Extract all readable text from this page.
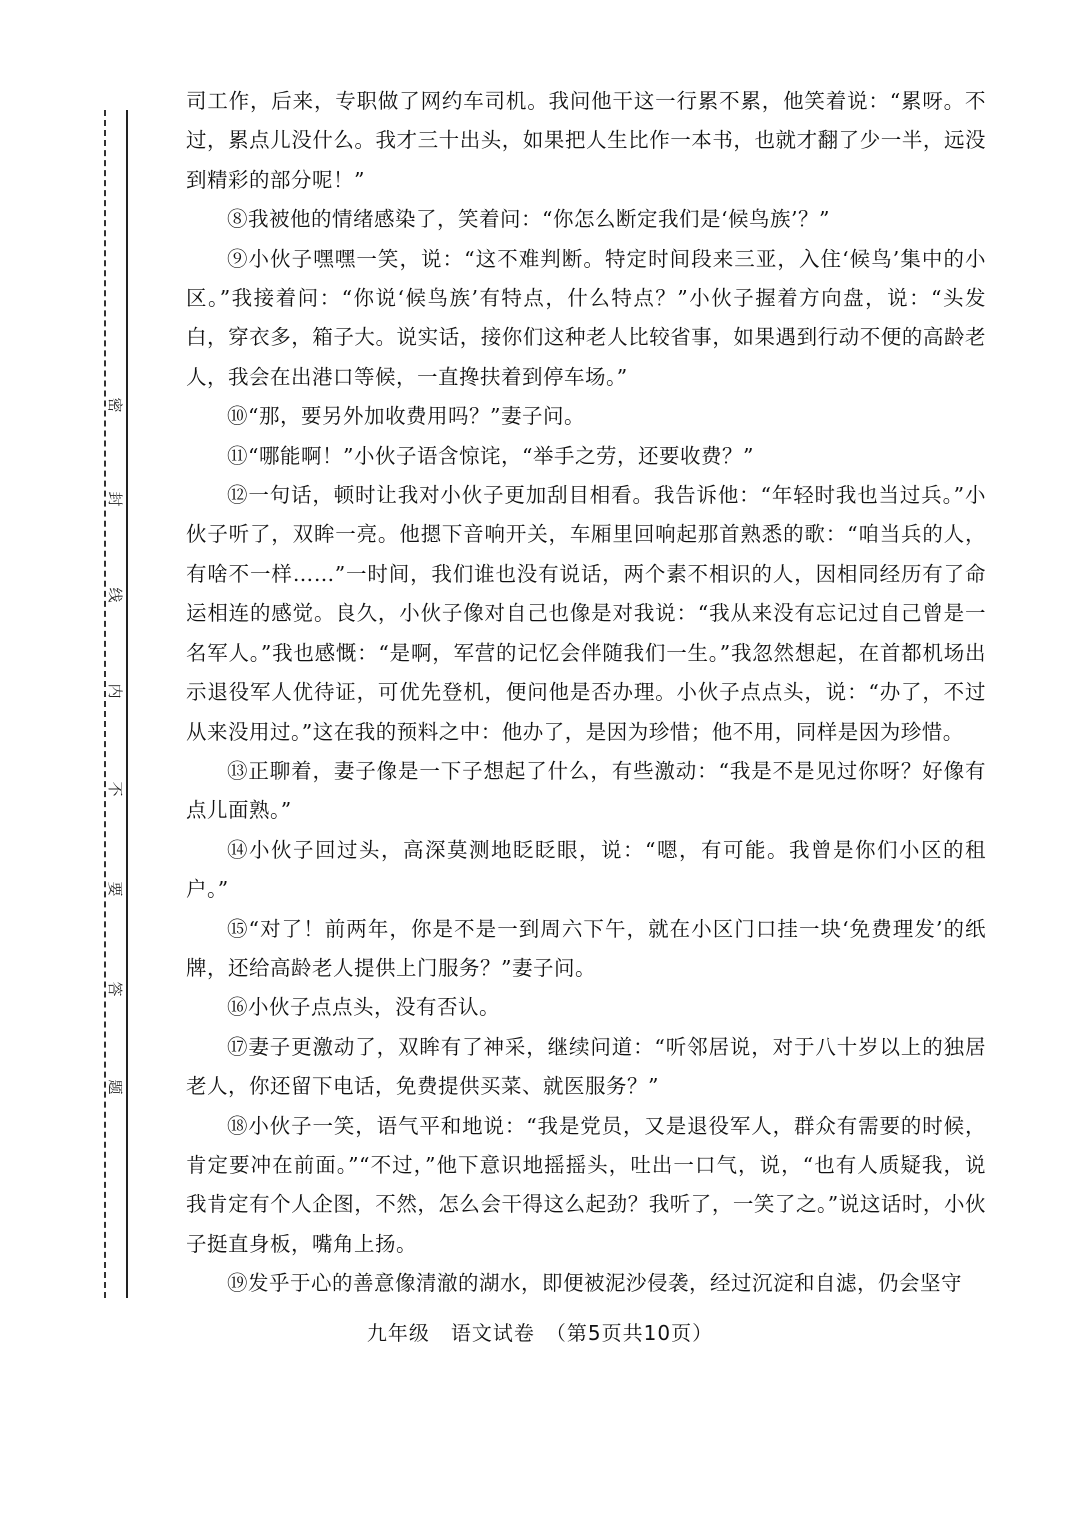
密
封
线
内
不
要
答
题

司工作，后来，专职做了网约车司机。我问他干这一行累不累，他笑着说：“累呀。不过，累点儿没什么。我才三十出头，如果把人生比作一本书，也就才翻了少一半，远没到精彩的部分呢！”

⑧我被他的情绪感染了，笑着问：“你怎么断定我们是‘候鸟族’？”

⑨小伙子嘿嘿一笑，说：“这不难判断。特定时间段来三亚，入住‘候鸟’集中的小区。”我接着问：“你说‘候鸟族’有特点，什么特点？”小伙子握着方向盘，说：“头发白，穿衣多，箱子大。说实话，接你们这种老人比较省事，如果遇到行动不便的高龄老人，我会在出港口等候，一直搀扶着到停车场。”

⑩“那，要另外加收费用吗？”妻子问。

⑪“哪能啊！”小伙子语含惊诧，“举手之劳，还要收费？”

⑫一句话，顿时让我对小伙子更加刮目相看。我告诉他：“年轻时我也当过兵。”小伙子听了，双眸一亮。他摁下音响开关，车厢里回响起那首熟悉的歌：“咱当兵的人，有啥不一样……”一时间，我们谁也没有说话，两个素不相识的人，因相同经历有了命运相连的感觉。良久，小伙子像对自己也像是对我说：“我从来没有忘记过自己曾是一名军人。”我也感慨：“是啊，军营的记忆会伴随我们一生。”我忽然想起，在首都机场出示退役军人优待证，可优先登机，便问他是否办理。小伙子点点头，说：“办了，不过从来没用过。”这在我的预料之中：他办了，是因为珍惜；他不用，同样是因为珍惜。

⑬正聊着，妻子像是一下子想起了什么，有些激动：“我是不是见过你呀？好像有点儿面熟。”

⑭小伙子回过头，高深莫测地眨眨眼，说：“嗯，有可能。我曾是你们小区的租户。”

⑮“对了！前两年，你是不是一到周六下午，就在小区门口挂一块‘免费理发’的纸牌，还给高龄老人提供上门服务？”妻子问。

⑯小伙子点点头，没有否认。

⑰妻子更激动了，双眸有了神采，继续问道：“听邻居说，对于八十岁以上的独居老人，你还留下电话，免费提供买菜、就医服务？”

⑱小伙子一笑，语气平和地说：“我是党员，又是退役军人，群众有需要的时候，肯定要冲在前面。”“不过，”他下意识地摇摇头，吐出一口气，说，“也有人质疑我，说我肯定有个人企图，不然，怎么会干得这么起劲？我听了，一笑了之。”说这话时，小伙子挺直身板，嘴角上扬。

⑲发乎于心的善意像清澈的湖水，即便被泥沙侵袭，经过沉淀和自滤，仍会坚守

九年级　语文试卷　（第5页共10页）
